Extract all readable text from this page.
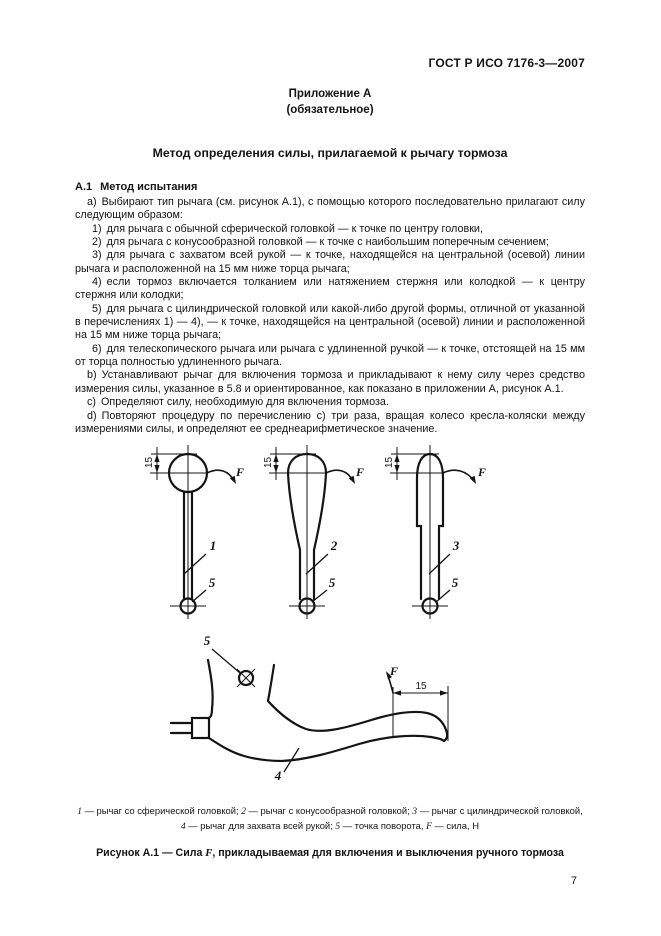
ГОСТ Р ИСО 7176-3—2007
Приложение А
(обязательное)
Метод определения силы, прилагаемой к рычагу тормоза
А.1 Метод испытания

a) Выбирают тип рычага (см. рисунок А.1), с помощью которого последовательно прилагают силу следующим образом:

1) для рычага с обычной сферической головкой — к точке по центру головки,

2) для рычага с конусообразной головкой — к точке с наибольшим поперечным сечением;

3) для рычага с захватом всей рукой — к точке, находящейся на центральной (осевой) линии рычага и расположенной на 15 мм ниже торца рычага;

4) если тормоз включается толканием или натяжением стержня или колодкой — к центру стержня или колодки;

5) для рычага с цилиндрической головкой или какой-либо другой формы, отличной от указанной в перечислениях 1) — 4), — к точке, находящейся на центральной (осевой) линии и расположенной на 15 мм ниже торца рычага;

6) для телескопического рычага или рычага с удлиненной ручкой — к точке, отстоящей на 15 мм от торца полностью удлиненного рычага.

b) Устанавливают рычаг для включения тормоза и прикладывают к нему силу через средство измерения силы, указанное в 5.8 и ориентированное, как показано в приложении А, рисунок А.1.

c) Определяют силу, необходимую для включения тормоза.

d) Повторяют процедуру по перечислению c) три раза, вращая колесо кресла-коляски между измерениями силы, и определяют ее среднеарифметическое значение.

15
F
1
5
15
F
2
5
15
F
3
5
5
4
F
15
1 — рычаг со сферической головкой; 2 — рычаг с конусообразной головкой; 3 — рычаг с цилиндрической головкой,
4 — рычаг для захвата всей рукой; 5 — точка поворота, F — сила, Н
Рисунок А.1 — Сила F, прикладываемая для включения и выключения ручного тормоза
7
